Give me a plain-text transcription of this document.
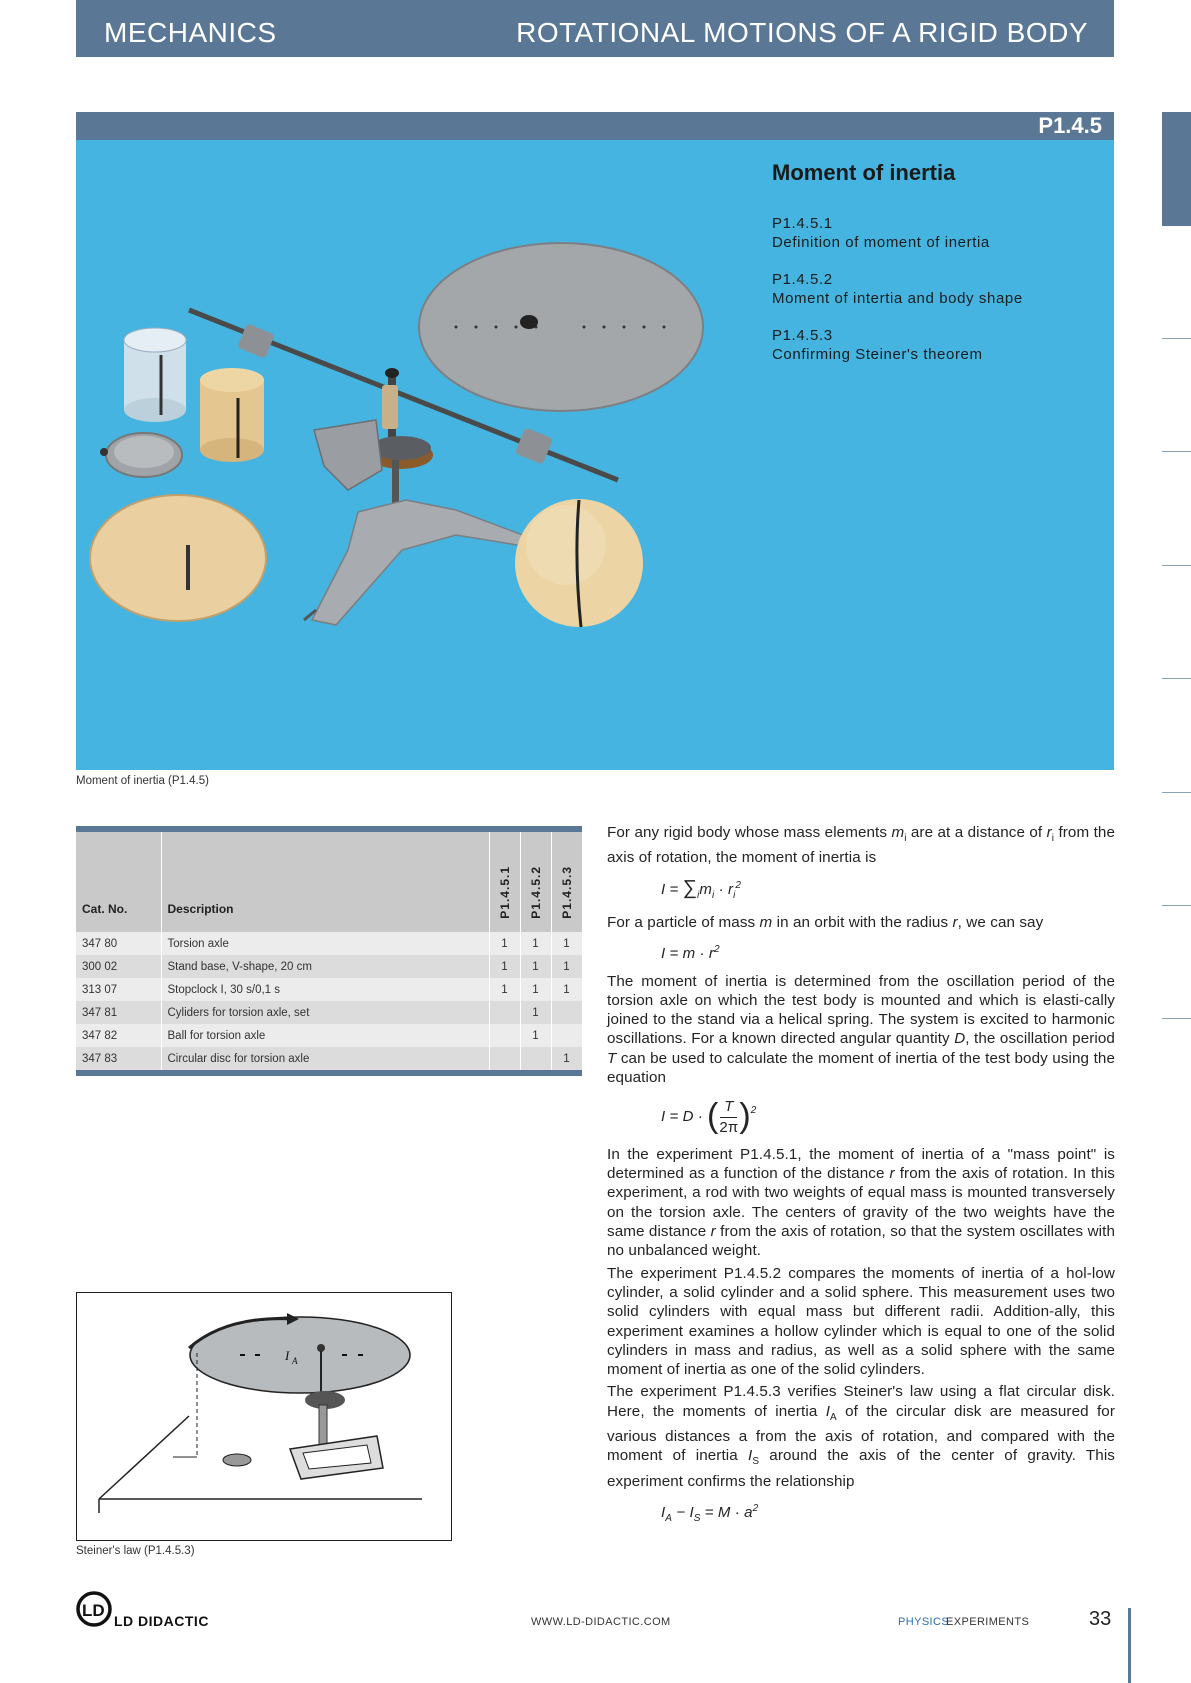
MECHANICS	ROTATIONAL MOTIONS OF A RIGID BODY
P1.4.5
Moment of inertia
P1.4.5.1
Definition of moment of inertia
P1.4.5.2
Moment of intertia and body shape
P1.4.5.3
Confirming Steiner's theorem
Moment of inertia (P1.4.5)
Cat. No.	Description	P1.4.5.1	P1.4.5.2	P1.4.5.3
347 80	Torsion axle	1	1	1
300 02	Stand base, V-shape, 20 cm	1	1	1
313 07	Stopclock I, 30 s/0,1 s	1	1	1
347 81	Cyliders for torsion axle, set		1	
347 82	Ball for torsion axle		1	
347 83	Circular disc for torsion axle			1

For any rigid body whose mass elements $m_i$ are at a distance of $r_i$ from the axis of rotation, the moment of inertia is

$I = \sum_im_i \cdot r_i^2$

For a particle of mass m in an orbit with the radius r, we can say

$I = m \cdot r^2$

The moment of inertia is determined from the oscillation period of the torsion axle on which the test body is mounted and which is elasti-cally joined to the stand via a helical spring. The system is excited to harmonic oscillations. For a known directed angular quantity D, the oscillation period T can be used to calculate the moment of inertia of the test body using the equation

I = D · ( T
2π )$^2$

In the experiment P1.4.5.1, the moment of inertia of a "mass point" is determined as a function of the distance r from the axis of rotation. In this experiment, a rod with two weights of equal mass is mounted transversely on the torsion axle. The centers of gravity of the two weights have the same distance r from the axis of rotation, so that the system oscillates with no unbalanced weight.

The experiment P1.4.5.2 compares the moments of inertia of a hol-low cylinder, a solid cylinder and a solid sphere. This measurement uses two solid cylinders with equal mass but different radii. Addition-ally, this experiment examines a hollow cylinder which is equal to one of the solid cylinders in mass and radius, as well as a solid sphere with the same moment of inertia as one of the solid cylinders.

The experiment P1.4.5.3 verifies Steiner's law using a flat circular disk. Here, the moments of inertia $I_A$ of the circular disk are measured for various distances a from the axis of rotation, and compared with the moment of inertia $I_S$ around the axis of the center of gravity. This experiment confirms the relationship

$I_A - I_S = M \cdot a^2$
I A
Steiner's law (P1.4.5.3)
LD
LD DIDACTIC	WWW.LD-DIDACTIC.COM	PHYSICS
EXPERIMENTS	33
